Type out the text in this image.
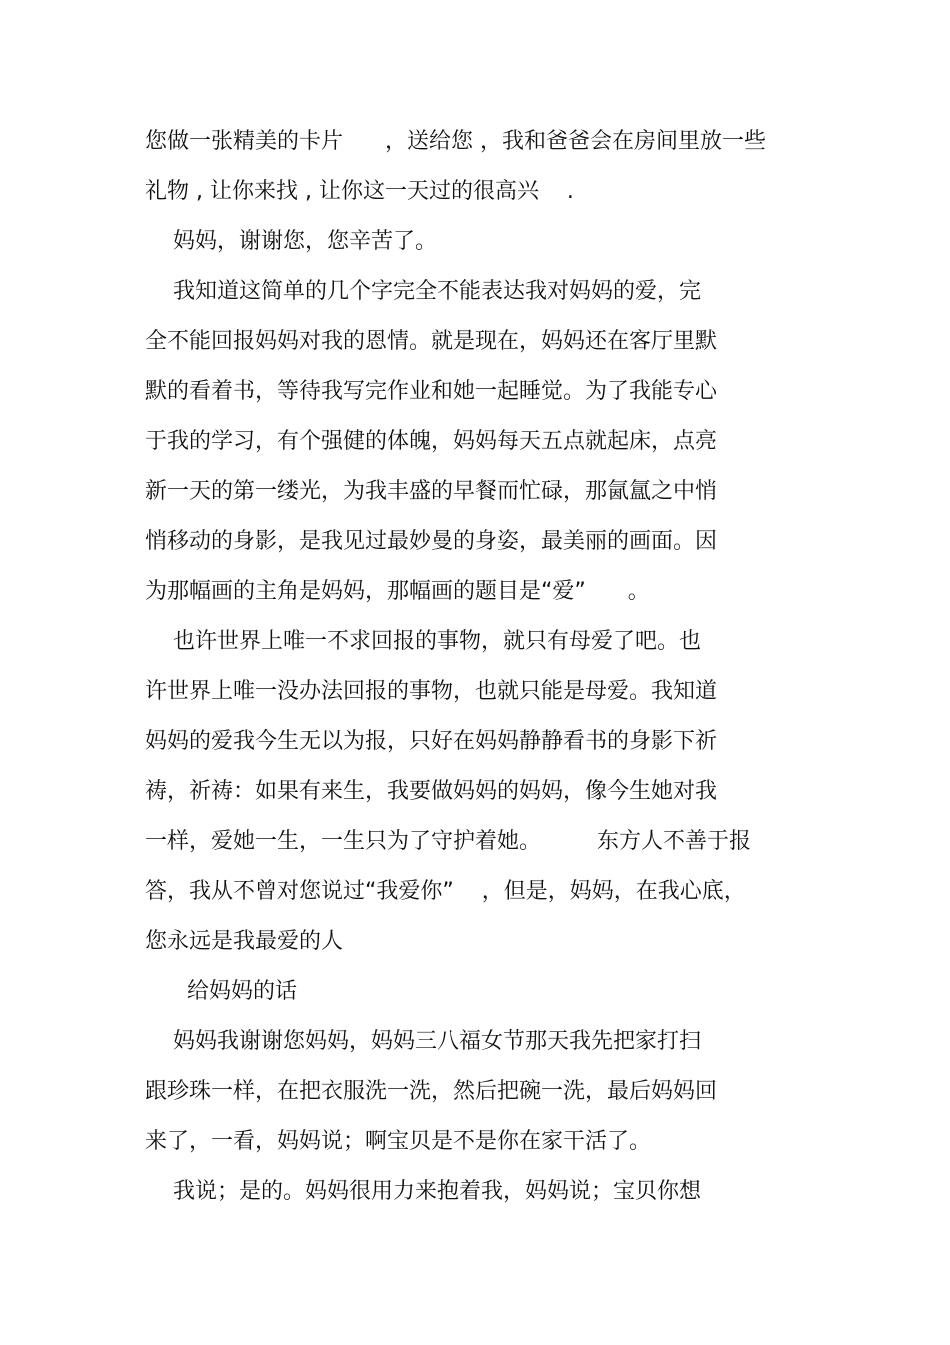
您做一张精美的卡片      ，送给您 ，我和爸爸会在房间里放一些
礼物 , 让你来找 , 让你这一天过的很高兴    .
妈妈，谢谢您，您辛苦了。
我知道这简单的几个字完全不能表达我对妈妈的爱，完
全不能回报妈妈对我的恩情。就是现在，妈妈还在客厅里默
默的看着书，等待我写完作业和她一起睡觉。为了我能专心
于我的学习，有个强健的体魄，妈妈每天五点就起床，点亮
新一天的第一缕光，为我丰盛的早餐而忙碌，那氤氲之中悄
悄移动的身影，是我见过最妙曼的身姿，最美丽的画面。因
为那幅画的主角是妈妈，那幅画的题目是“爱”      。
也许世界上唯一不求回报的事物，就只有母爱了吧。也
许世界上唯一没办法回报的事物，也就只能是母爱。我知道
妈妈的爱我今生无以为报，只好在妈妈静静看书的身影下祈
祷，祈祷：如果有来生，我要做妈妈的妈妈，像今生她对我
一样，爱她一生，一生只为了守护着她。        东方人不善于报
答，我从不曾对您说过“我爱你”    ，但是，妈妈，在我心底，
您永远是我最爱的人
给妈妈的话
妈妈我谢谢您妈妈，妈妈三八福女节那天我先把家打扫
跟珍珠一样，在把衣服洗一洗，然后把碗一洗，最后妈妈回
来了，一看，妈妈说；啊宝贝是不是你在家干活了。
我说；是的。妈妈很用力来抱着我，妈妈说；宝贝你想
